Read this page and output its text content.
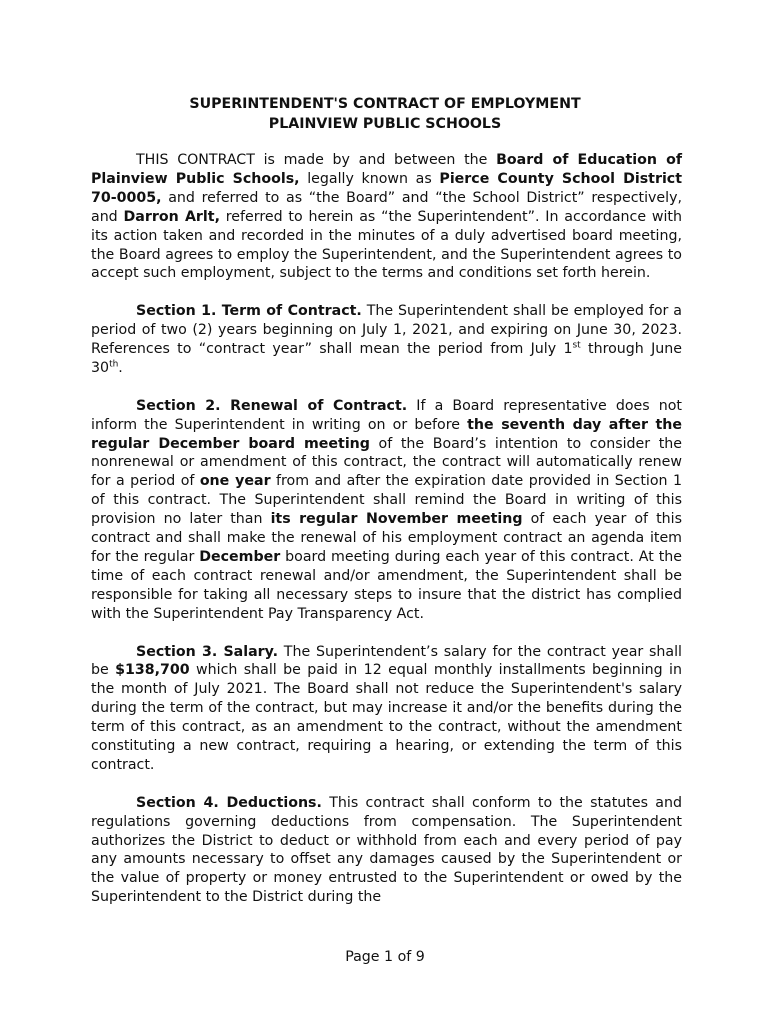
SUPERINTENDENT'S CONTRACT OF EMPLOYMENT
PLAINVIEW PUBLIC SCHOOLS

THIS CONTRACT is made by and between the Board of Education of Plainview Public Schools, legally known as Pierce County School District 70-0005, and referred to as “the Board” and “the School District” respectively, and Darron Arlt, referred to herein as “the Superintendent”. In accordance with its action taken and recorded in the minutes of a duly advertised board meeting, the Board agrees to employ the Superintendent, and the Superintendent agrees to accept such employment, subject to the terms and conditions set forth herein.

Section 1. Term of Contract. The Superintendent shall be employed for a period of two (2) years beginning on July 1, 2021, and expiring on June 30, 2023. References to “contract year” shall mean the period from July 1st through June 30th.

Section 2. Renewal of Contract. If a Board representative does not inform the Superintendent in writing on or before the seventh day after the regular December board meeting of the Board’s intention to consider the nonrenewal or amendment of this contract, the contract will automatically renew for a period of one year from and after the expiration date provided in Section 1 of this contract. The Superintendent shall remind the Board in writing of this provision no later than its regular November meeting of each year of this contract and shall make the renewal of his employment contract an agenda item for the regular December board meeting during each year of this contract. At the time of each contract renewal and/or amendment, the Superintendent shall be responsible for taking all necessary steps to insure that the district has complied with the Superintendent Pay Transparency Act.

Section 3. Salary. The Superintendent’s salary for the contract year shall be $138,700 which shall be paid in 12 equal monthly installments beginning in the month of July 2021. The Board shall not reduce the Superintendent's salary during the term of the contract, but may increase it and/or the benefits during the term of this contract, as an amendment to the contract, without the amendment constituting a new contract, requiring a hearing, or extending the term of this contract.

Section 4. Deductions. This contract shall conform to the statutes and regulations governing deductions from compensation. The Superintendent authorizes the District to deduct or withhold from each and every period of pay any amounts necessary to offset any damages caused by the Superintendent or the value of property or money entrusted to the Superintendent or owed by the Superintendent to the District during the

Page 1 of 9
